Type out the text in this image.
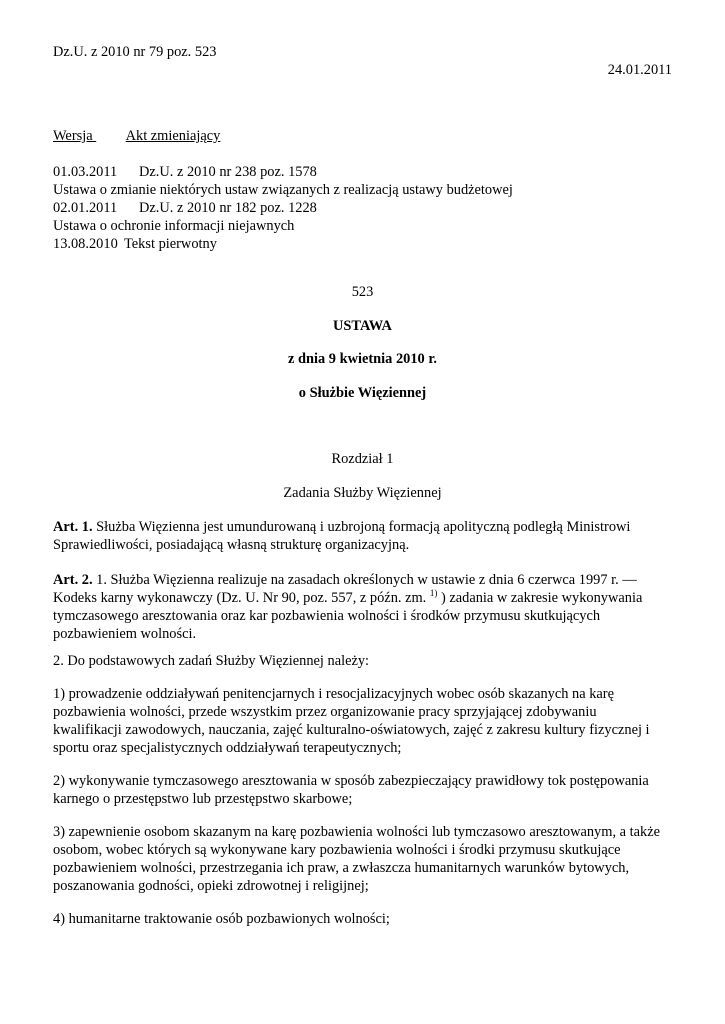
Dz.U. z 2010 nr 79 poz. 523
24.01.2011
Wersja Akt zmieniający
01.03.2011 Dz.U. z 2010 nr 238 poz. 1578
Ustawa o zmianie niektórych ustaw związanych z realizacją ustawy budżetowej
02.01.2011 Dz.U. z 2010 nr 182 poz. 1228
Ustawa o ochronie informacji niejawnych
13.08.2010 Tekst pierwotny
523
USTAWA
z dnia 9 kwietnia 2010 r.
o Służbie Więziennej
Rozdział 1
Zadania Służby Więziennej
Art. 1. Służba Więzienna jest umundurowaną i uzbrojoną formacją apolityczną podległą Ministrowi
Sprawiedliwości, posiadającą własną strukturę organizacyjną.
Art. 2. 1. Służba Więzienna realizuje na zasadach określonych w ustawie z dnia 6 czerwca 1997 r. —
Kodeks karny wykonawczy (Dz. U. Nr 90, poz. 557, z późn. zm. $^{1)}$ ) zadania w zakresie wykonywania
tymczasowego aresztowania oraz kar pozbawienia wolności i środków przymusu skutkujących
pozbawieniem wolności.
2. Do podstawowych zadań Służby Więziennej należy:
1) prowadzenie oddziaływań penitencjarnych i resocjalizacyjnych wobec osób skazanych na karę
pozbawienia wolności, przede wszystkim przez organizowanie pracy sprzyjającej zdobywaniu
kwalifikacji zawodowych, nauczania, zajęć kulturalno-oświatowych, zajęć z zakresu kultury fizycznej i
sportu oraz specjalistycznych oddziaływań terapeutycznych;
2) wykonywanie tymczasowego aresztowania w sposób zabezpieczający prawidłowy tok postępowania
karnego o przestępstwo lub przestępstwo skarbowe;
3) zapewnienie osobom skazanym na karę pozbawienia wolności lub tymczasowo aresztowanym, a także
osobom, wobec których są wykonywane kary pozbawienia wolności i środki przymusu skutkujące
pozbawieniem wolności, przestrzegania ich praw, a zwłaszcza humanitarnych warunków bytowych,
poszanowania godności, opieki zdrowotnej i religijnej;
4) humanitarne traktowanie osób pozbawionych wolności;
